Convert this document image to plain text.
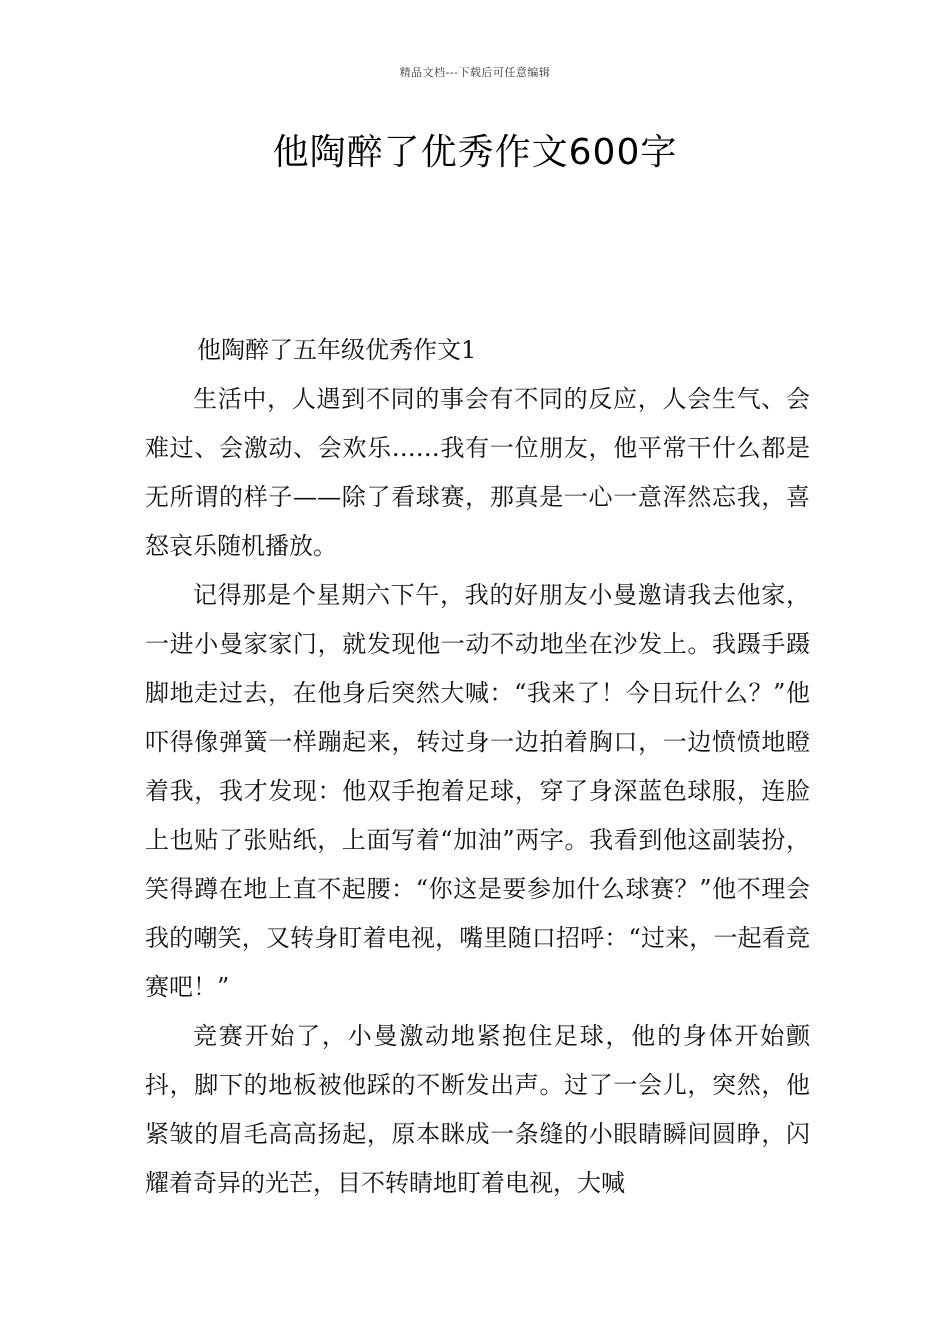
精品文档---下载后可任意编辑
他陶醉了优秀作文600字

他陶醉了五年级优秀作文1

生活中，人遇到不同的事会有不同的反应，人会生气、会难过、会激动、会欢乐……我有一位朋友，他平常干什么都是无所谓的样子——除了看球赛，那真是一心一意浑然忘我，喜怒哀乐随机播放。

记得那是个星期六下午，我的好朋友小曼邀请我去他家，一进小曼家家门，就发现他一动不动地坐在沙发上。我蹑手蹑脚地走过去，在他身后突然大喊：“我来了！今日玩什么？”他吓得像弹簧一样蹦起来，转过身一边拍着胸口，一边愤愤地瞪着我，我才发现：他双手抱着足球，穿了身深蓝色球服，连脸上也贴了张贴纸，上面写着“加油”两字。我看到他这副装扮，笑得蹲在地上直不起腰：“你这是要参加什么球赛？”他不理会我的嘲笑，又转身盯着电视，嘴里随口招呼：“过来，一起看竞赛吧！”

竞赛开始了，小曼激动地紧抱住足球，他的身体开始颤抖，脚下的地板被他踩的不断发出声。过了一会儿，突然，他紧皱的眉毛高高扬起，原本眯成一条缝的小眼睛瞬间圆睁，闪耀着奇异的光芒，目不转睛地盯着电视，大喊
